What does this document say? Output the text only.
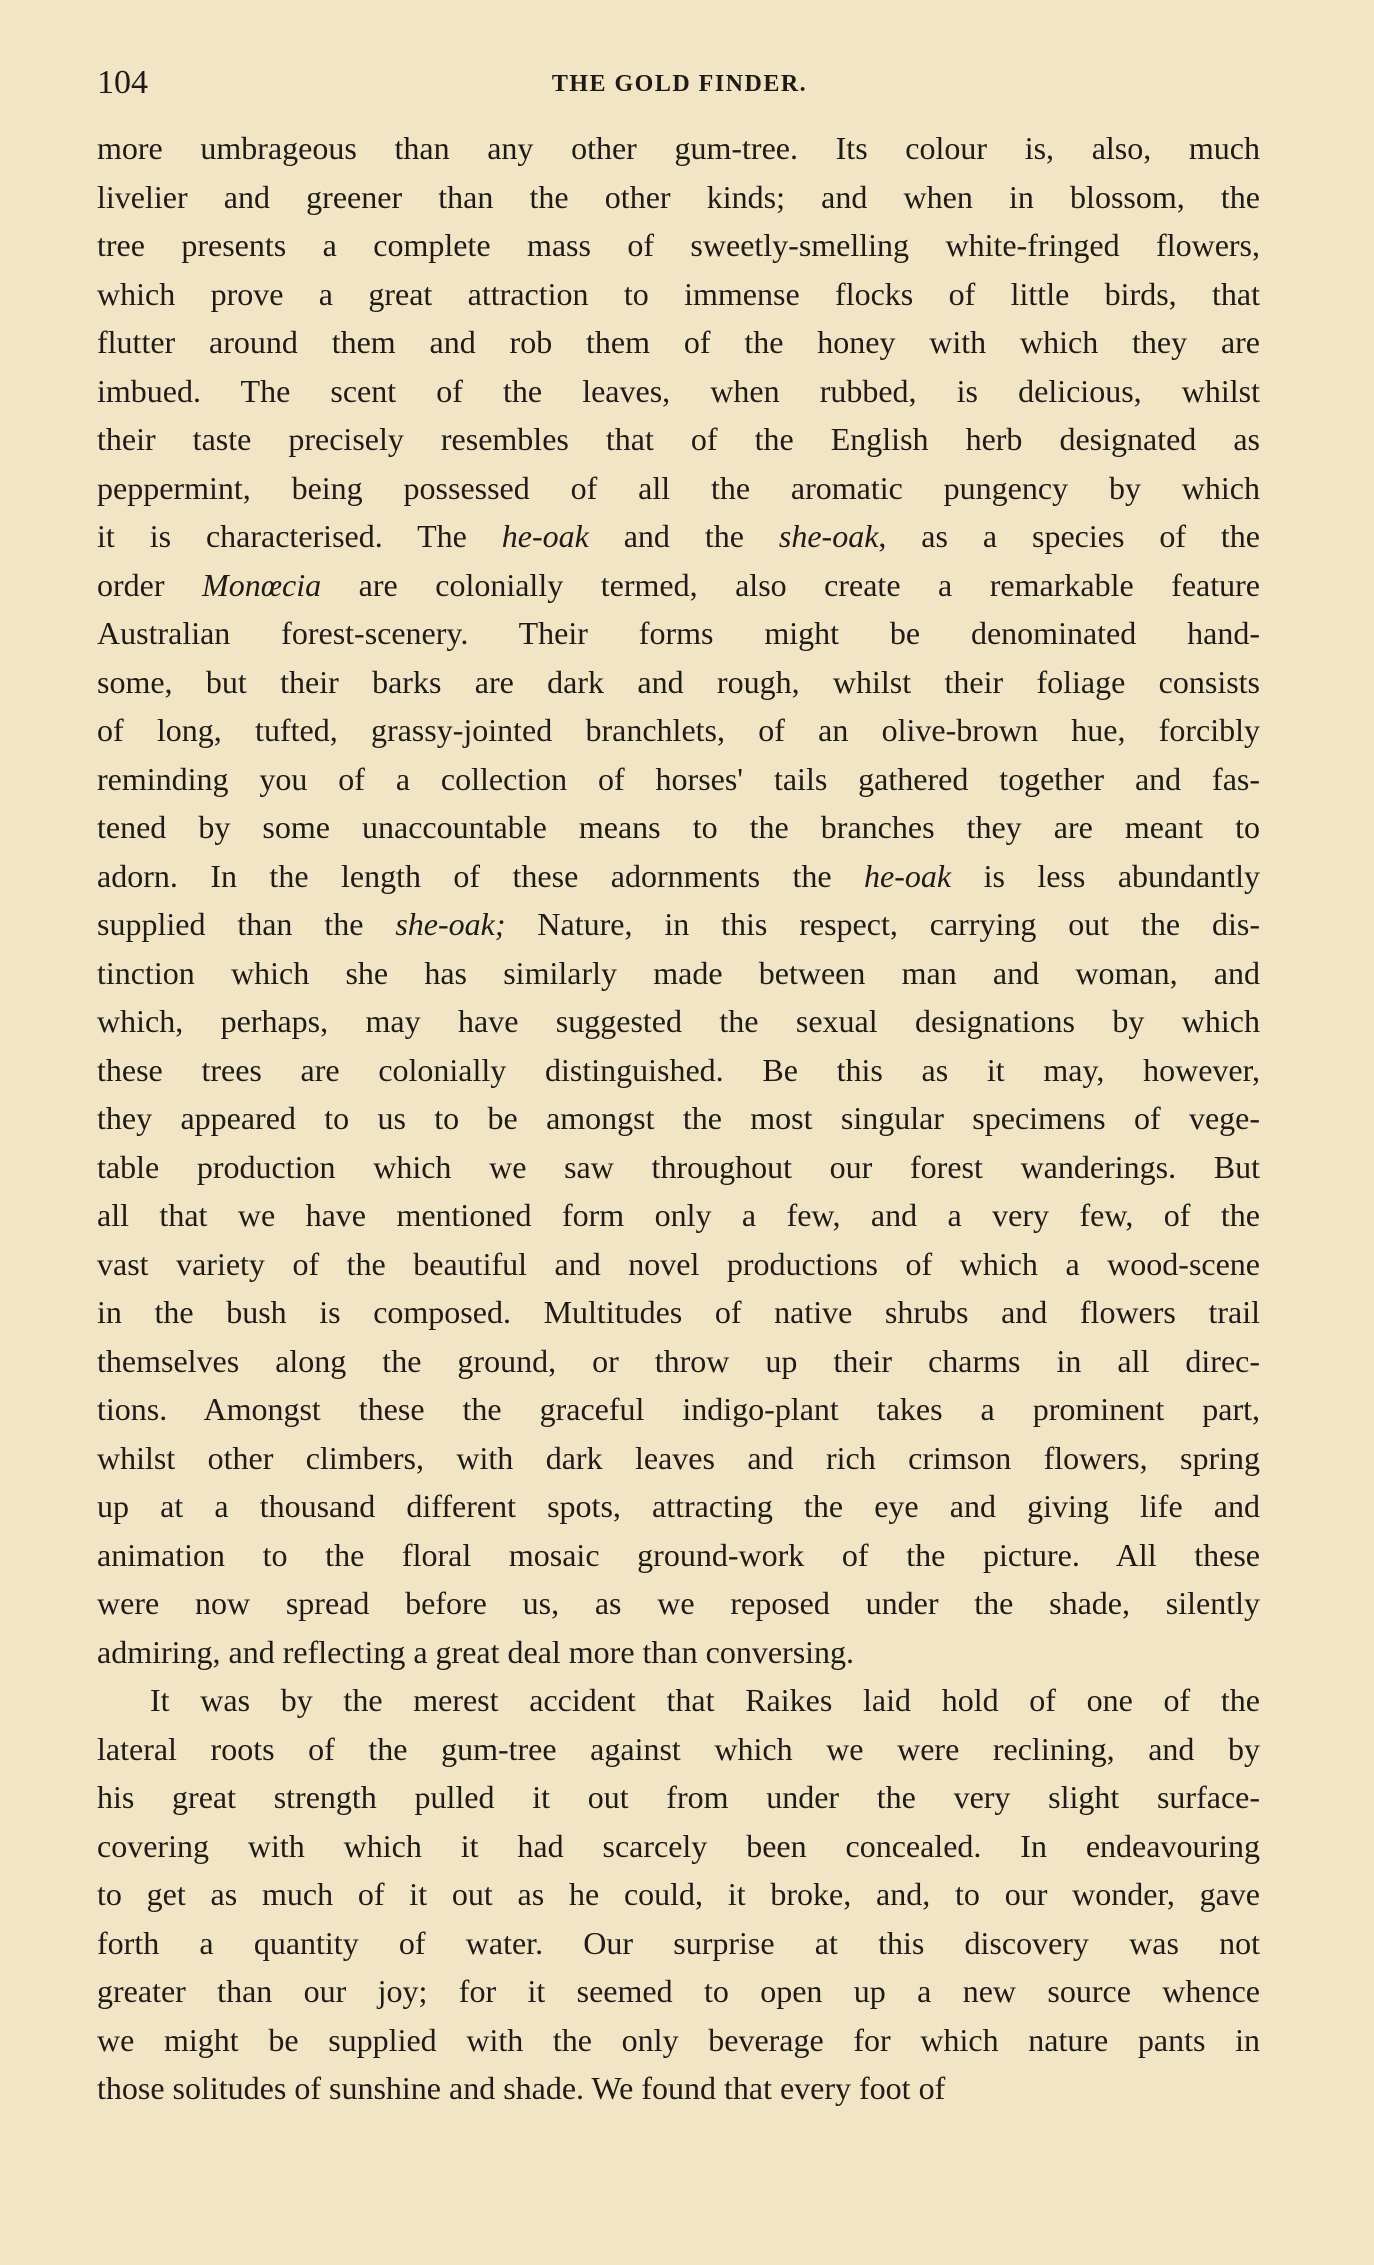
104	THE GOLD FINDER.
more umbrageous than any other gum-tree. Its colour is, also, much
livelier and greener than the other kinds; and when in blossom, the
tree presents a complete mass of sweetly-smelling white-fringed flowers,
which prove a great attraction to immense flocks of little birds, that
flutter around them and rob them of the honey with which they are
imbued. The scent of the leaves, when rubbed, is delicious, whilst
their taste precisely resembles that of the English herb designated as
peppermint, being possessed of all the aromatic pungency by which
it is characterised. The he-oak and the she-oak, as a species of the
order Monœcia are colonially termed, also create a remarkable feature
Australian forest-scenery. Their forms might be denominated hand-
some, but their barks are dark and rough, whilst their foliage consists
of long, tufted, grassy-jointed branchlets, of an olive-brown hue, forcibly
reminding you of a collection of horses' tails gathered together and fas-
tened by some unaccountable means to the branches they are meant to
adorn. In the length of these adornments the he-oak is less abundantly
supplied than the she-oak; Nature, in this respect, carrying out the dis-
tinction which she has similarly made between man and woman, and
which, perhaps, may have suggested the sexual designations by which
these trees are colonially distinguished. Be this as it may, however,
they appeared to us to be amongst the most singular specimens of vege-
table production which we saw throughout our forest wanderings. But
all that we have mentioned form only a few, and a very few, of the
vast variety of the beautiful and novel productions of which a wood-scene
in the bush is composed. Multitudes of native shrubs and flowers trail
themselves along the ground, or throw up their charms in all direc-
tions. Amongst these the graceful indigo-plant takes a prominent part,
whilst other climbers, with dark leaves and rich crimson flowers, spring
up at a thousand different spots, attracting the eye and giving life and
animation to the floral mosaic ground-work of the picture. All these
were now spread before us, as we reposed under the shade, silently
admiring, and reflecting a great deal more than conversing.
It was by the merest accident that Raikes laid hold of one of the
lateral roots of the gum-tree against which we were reclining, and by
his great strength pulled it out from under the very slight surface-
covering with which it had scarcely been concealed. In endeavouring
to get as much of it out as he could, it broke, and, to our wonder, gave
forth a quantity of water. Our surprise at this discovery was not
greater than our joy; for it seemed to open up a new source whence
we might be supplied with the only beverage for which nature pants in
those solitudes of sunshine and shade. We found that every foot of
